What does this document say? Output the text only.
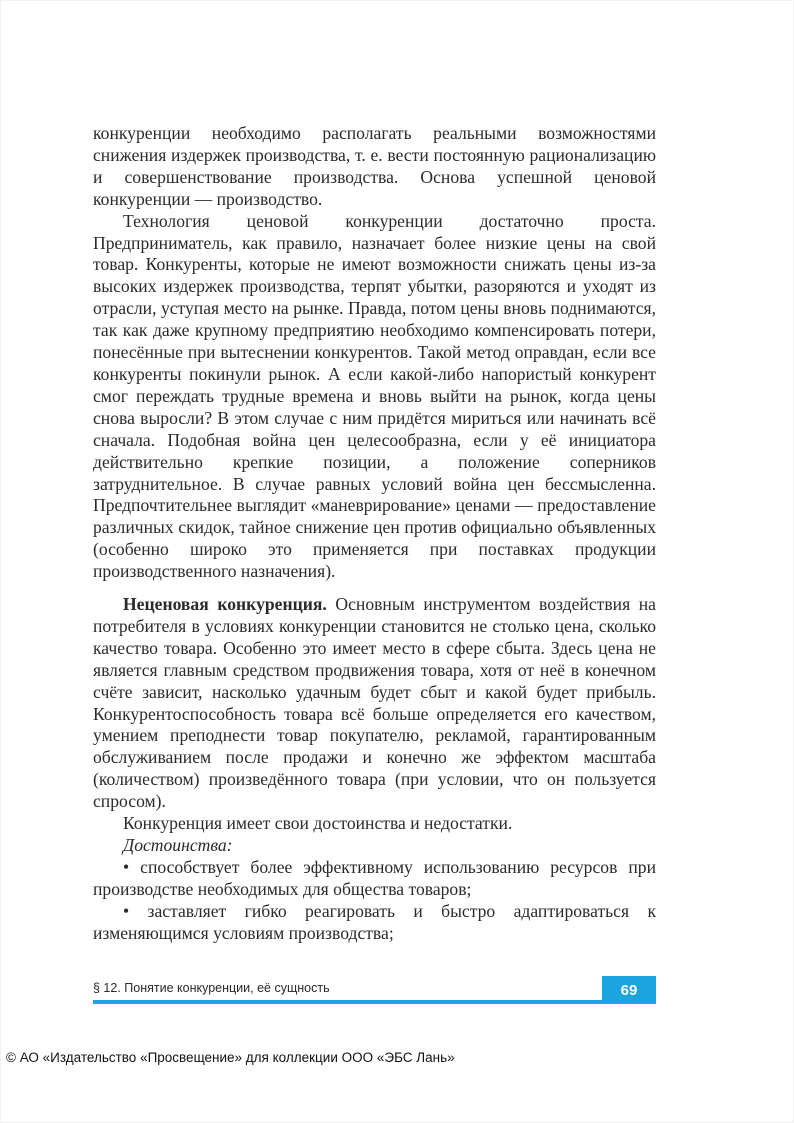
конкуренции необходимо располагать реальными возможностями снижения издержек производства, т. е. вести постоянную рационализацию и совершенствование производства. Основа успешной ценовой конкуренции — производство.

Технология ценовой конкуренции достаточно проста. Предприниматель, как правило, назначает более низкие цены на свой товар. Конкуренты, которые не имеют возможности снижать цены из-за высоких издержек производства, терпят убытки, разоряются и уходят из отрасли, уступая место на рынке. Правда, потом цены вновь поднимаются, так как даже крупному предприятию необходимо компенсировать потери, понесённые при вытеснении конкурентов. Такой метод оправдан, если все конкуренты покинули рынок. А если какой-либо напористый конкурент смог переждать трудные времена и вновь выйти на рынок, когда цены снова выросли? В этом случае с ним придётся мириться или начинать всё сначала. Подобная война цен целесообразна, если у её инициатора действительно крепкие позиции, а положение соперников затруднительное. В случае равных условий война цен бессмысленна. Предпочтительнее выглядит «маневрирование» ценами — предоставление различных скидок, тайное снижение цен против официально объявленных (особенно широко это применяется при поставках продукции производственного назначения).

Неценовая конкуренция. Основным инструментом воздействия на потребителя в условиях конкуренции становится не столько цена, сколько качество товара. Особенно это имеет место в сфере сбыта. Здесь цена не является главным средством продвижения товара, хотя от неё в конечном счёте зависит, насколько удачным будет сбыт и какой будет прибыль. Конкурентоспособность товара всё больше определяется его качеством, умением преподнести товар покупателю, рекламой, гарантированным обслуживанием после продажи и конечно же эффектом масштаба (количеством) произведённого товара (при условии, что он пользуется спросом).

Конкуренция имеет свои достоинства и недостатки.

Достоинства:

• способствует более эффективному использованию ресурсов при производстве необходимых для общества товаров;

• заставляет гибко реагировать и быстро адаптироваться к изменяющимся условиям производства;

§ 12. Понятие конкуренции, её сущность	69
© АО «Издательство «Просвещение» для коллекции ООО «ЭБС Лань»
